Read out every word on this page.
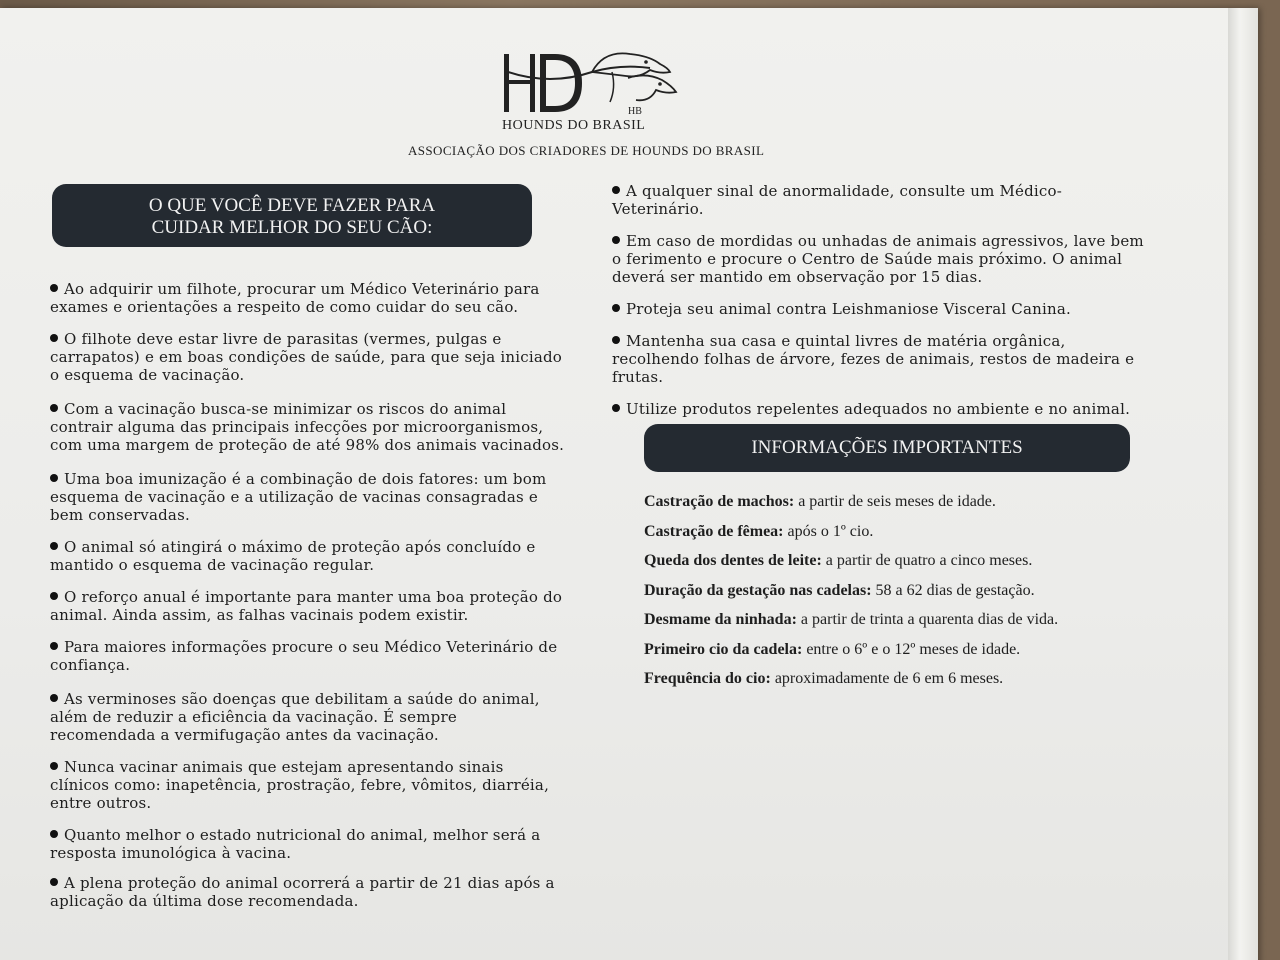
HB
HOUNDS DO BRASIL
ASSOCIAÇÃO DOS CRIADORES DE HOUNDS DO BRASIL
O QUE VOCÊ DEVE FAZER PARA
CUIDAR MELHOR DO SEU CÃO:
Ao adquirir um filhote, procurar um Médico Veterinário para exames e orientações a respeito de como cuidar do seu cão.
O filhote deve estar livre de parasitas (vermes, pulgas e carrapatos) e em boas condições de saúde, para que seja iniciado o esquema de vacinação.
Com a vacinação busca-se minimizar os riscos do animal contrair alguma das principais infecções por microorganismos, com uma margem de proteção de até 98% dos animais vacinados.
Uma boa imunização é a combinação de dois fatores: um bom esquema de vacinação e a utilização de vacinas consagradas e bem conservadas.
O animal só atingirá o máximo de proteção após concluído e mantido o esquema de vacinação regular.
O reforço anual é importante para manter uma boa proteção do animal. Ainda assim, as falhas vacinais podem existir.
Para maiores informações procure o seu Médico Veterinário de confiança.
As verminoses são doenças que debilitam a saúde do animal, além de reduzir a eficiência da vacinação. É sempre recomendada a vermifugação antes da vacinação.
Nunca vacinar animais que estejam apresentando sinais clínicos como: inapetência, prostração, febre, vômitos, diarréia, entre outros.
Quanto melhor o estado nutricional do animal, melhor será a resposta imunológica à vacina.
A plena proteção do animal ocorrerá a partir de 21 dias após a aplicação da última dose recomendada.
A qualquer sinal de anormalidade, consulte um Médico-Veterinário.
Em caso de mordidas ou unhadas de animais agressivos, lave bem o ferimento e procure o Centro de Saúde mais próximo. O animal deverá ser mantido em observação por 15 dias.
Proteja seu animal contra Leishmaniose Visceral Canina.
Mantenha sua casa e quintal livres de matéria orgânica, recolhendo folhas de árvore, fezes de animais, restos de madeira e frutas.
Utilize produtos repelentes adequados no ambiente e no animal.
INFORMAÇÕES IMPORTANTES
Castração de machos: a partir de seis meses de idade.
Castração de fêmea: após o 1º cio.
Queda dos dentes de leite: a partir de quatro a cinco meses.
Duração da gestação nas cadelas: 58 a 62 dias de gestação.
Desmame da ninhada: a partir de trinta a quarenta dias de vida.
Primeiro cio da cadela: entre o 6º e o 12º meses de idade.
Frequência do cio: aproximadamente de 6 em 6 meses.
